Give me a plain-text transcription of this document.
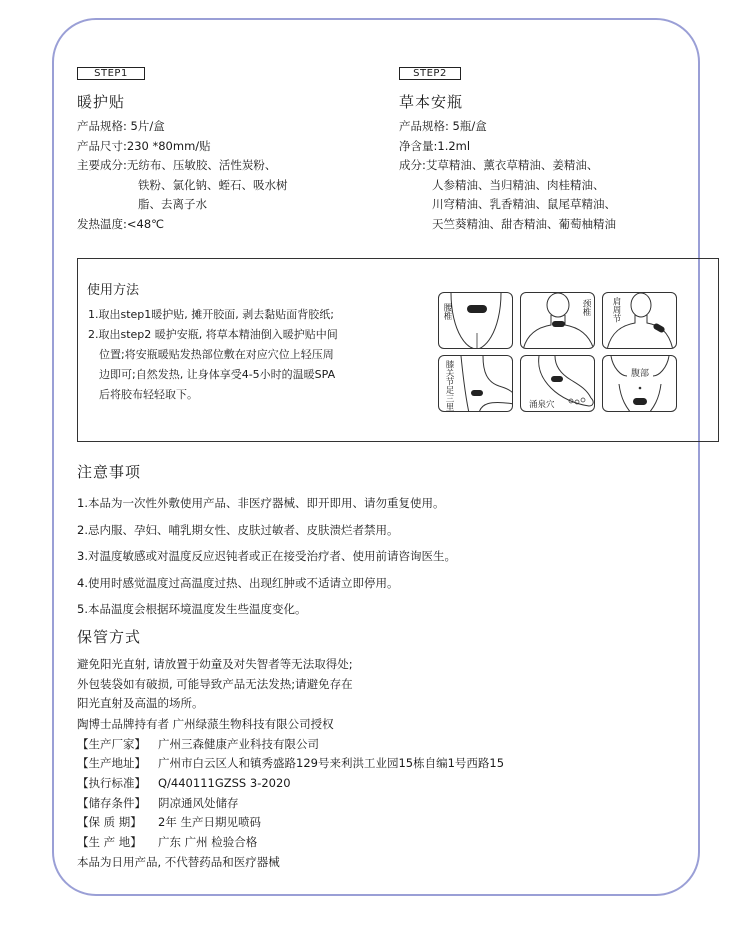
STEP1
暖护贴
产品规格: 5片/盒
产品尺寸:230 *80mm/贴
主要成分:无纺布、压敏胶、活性炭粉、
铁粉、氯化钠、蛭石、吸水树
脂、去离子水
发热温度:<48℃
STEP2
草本安瓶
产品规格: 5瓶/盒
净含量:1.2ml
成分:艾草精油、薰衣草精油、姜精油、
人参精油、当归精油、肉桂精油、
川穹精油、乳香精油、鼠尾草精油、
天竺葵精油、甜杏精油、葡萄柚精油
使用方法
1.取出step1暖护贴, 摊开胶面, 剥去黏贴面背胶纸;
2.取出step2 暖护安瓶, 将草本精油倒入暖护贴中间
位置;将安瓶暖贴发热部位敷在对应穴位上轻压周
边即可;自然发热, 让身体享受4-5小时的温暖SPA
后将胶布轻轻取下。
腰椎	颈椎 肩周节
膝关节足三里	涌泉穴
腹部
注意事项
1.本品为一次性外敷使用产品、非医疗器械、即开即用、请勿重复使用。
2.忌内服、孕妇、哺乳期女性、皮肤过敏者、皮肤溃烂者禁用。
3.对温度敏感或对温度反应迟钝者或正在接受治疗者、使用前请咨询医生。
4.使用时感觉温度过高温度过热、出现红肿或不适请立即停用。
5.本品温度会根据环境温度发生些温度变化。
保管方式
避免阳光直射, 请放置于幼童及对失智者等无法取得处;
外包装袋如有破损, 可能导致产品无法发热;请避免存在
阳光直射及高温的场所。
陶博士品牌持有者 广州绿蒎生物科技有限公司授权
【生产厂家】 广州三森健康产业科技有限公司
【生产地址】 广州市白云区人和镇秀盛路129号来利洪工业园15栋自编1号西路15
【执行标准】 Q/440111GZSS 3-2020
【储存条件】 阴凉通风处储存
【保 质 期】 2年 生产日期见喷码
【生 产 地】 广东 广州 检验合格
本品为日用产品, 不代替药品和医疗器械
